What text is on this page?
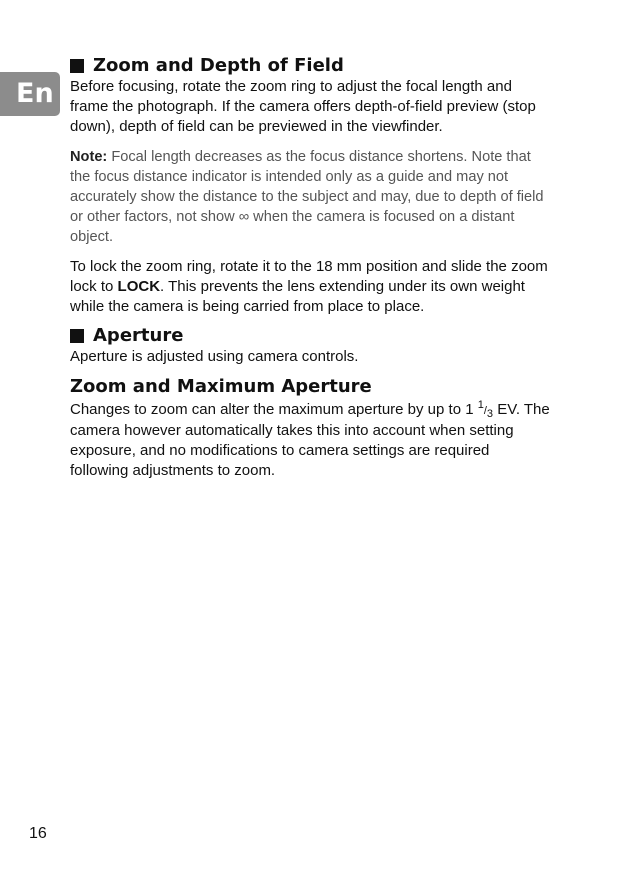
En
Zoom and Depth of Field

Before focusing, rotate the zoom ring to adjust the focal length and frame the photograph. If the camera offers depth-of-field preview (stop down), depth of field can be previewed in the viewfinder.

Note: Focal length decreases as the focus distance shortens. Note that the focus distance indicator is intended only as a guide and may not accurately show the distance to the subject and may, due to depth of field or other factors, not show ∞ when the camera is focused on a distant object.

To lock the zoom ring, rotate it to the 18 mm position and slide the zoom lock to LOCK. This prevents the lens extending under its own weight while the camera is being carried from place to place.

Aperture

Aperture is adjusted using camera controls.

Zoom and Maximum Aperture

Changes to zoom can alter the maximum aperture by up to 1 1/3 EV. The camera however automatically takes this into account when setting exposure, and no modifications to camera settings are required following adjustments to zoom.

16
